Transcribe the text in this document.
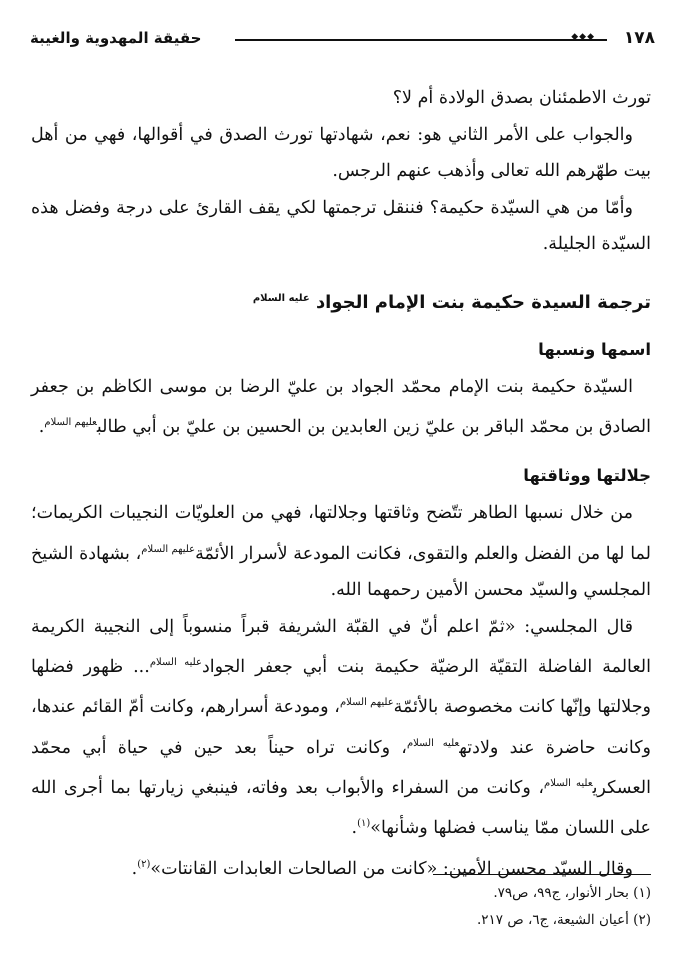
١٧٨
◆◆◆
حقيقة المهدوية والغيبة

تورث الاطمئنان بصدق الولادة أم لا؟

والجواب على الأمر الثاني هو: نعم، شهادتها تورث الصدق في أقوالها، فهي من أهل بيت طهّرهم الله تعالى وأذهب عنهم الرجس.

وأمّا من هي السيّدة حكيمة؟ فننقل ترجمتها لكي يقف القارئ على درجة وفضل هذه السيّدة الجليلة.

ترجمة السيدة حكيمة بنت الإمام الجواد $^{عليه السلام}$
اسمها ونسبها

السيّدة حكيمة بنت الإمام محمّد الجواد بن عليّ الرضا بن موسى الكاظم بن جعفر الصادق بن محمّد الباقر بن عليّ زين العابدين بن الحسين بن عليّ بن أبي طالب$^{عليهم السلام}$.

جلالتها ووثاقتها

من خلال نسبها الطاهر تتّضح وثاقتها وجلالتها، فهي من العلويّات النجيبات الكريمات؛ لما لها من الفضل والعلم والتقوى، فكانت المودعة لأسرار الأئمّة$^{عليهم السلام}$، بشهادة الشيخ المجلسي والسيّد محسن الأمين رحمهما الله.

قال المجلسي: «ثمّ اعلم أنّ في القبّة الشريفة قبراً منسوباً إلى النجيبة الكريمة العالمة الفاضلة التقيّة الرضيّة حكيمة بنت أبي جعفر الجواد$^{عليه السلام}$... ظهور فضلها وجلالتها وإنّها كانت مخصوصة بالأئمّة$^{عليهم السلام}$، ومودعة أسرارهم، وكانت أمّ القائم عندها، وكانت حاضرة عند ولادته$^{عليه السلام}$، وكانت تراه حيناً بعد حين في حياة أبي محمّد العسكري$^{عليه السلام}$، وكانت من السفراء والأبواب بعد وفاته، فينبغي زيارتها بما أجرى الله على اللسان ممّا يناسب فضلها وشأنها»$^{(١)}$.

وقال السيّد محسن الأمين: «كانت من الصالحات العابدات القانتات»$^{(٢)}$.

(١) بحار الأنوار، ج٩٩، ص٧٩.

(٢) أعيان الشيعة، ج٦، ص ٢١٧.
